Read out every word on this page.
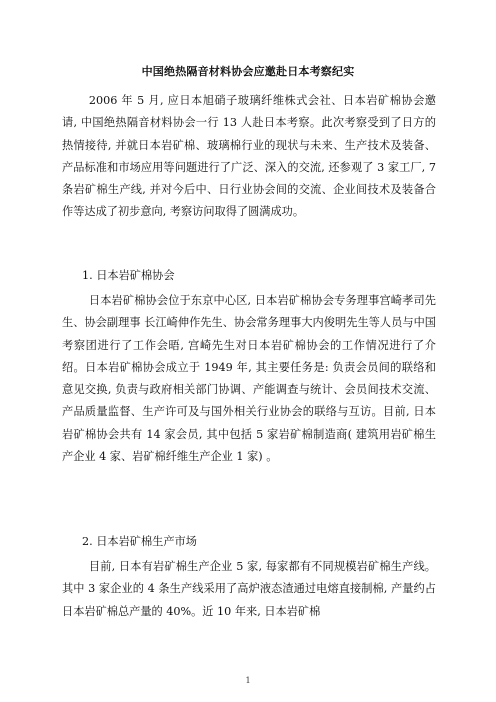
中国绝热隔音材料协会应邀赴日本考察纪实

2006 年 5 月, 应日本旭硝子玻璃纤维株式会社、日本岩矿棉协会邀请, 中国绝热隔音材料协会一行 13 人赴日本考察。此次考察受到了日方的热情接待, 并就日本岩矿棉、玻璃棉行业的现状与未来、生产技术及装备、产品标准和市场应用等问题进行了广泛、深入的交流, 还参观了 3 家工厂, 7 条岩矿棉生产线, 并对今后中、日行业协会间的交流、企业间技术及装备合作等达成了初步意向, 考察访问取得了圆满成功。

1. 日本岩矿棉协会

日本岩矿棉协会位于东京中心区, 日本岩矿棉协会专务理事宫崎孝司先生、协会副理事 长江崎伸作先生、协会常务理事大内俊明先生等人员与中国考察团进行了工作会晤, 宫崎先生对日本岩矿棉协会的工作情况进行了介绍。日本岩矿棉协会成立于 1949 年, 其主要任务是: 负责会员间的联络和意见交换, 负责与政府相关部门协调、产能调查与统计、会员间技术交流、产品质量监督、生产许可及与国外相关行业协会的联络与互访。目前, 日本岩矿棉协会共有 14 家会员, 其中包括 5 家岩矿棉制造商( 建筑用岩矿棉生产企业 4 家、岩矿棉纤维生产企业 1 家) 。

2. 日本岩矿棉生产市场

目前, 日本有岩矿棉生产企业 5 家, 每家都有不同规模岩矿棉生产线。其中 3 家企业的 4 条生产线采用了高炉液态渣通过电熔直接制棉, 产量约占日本岩矿棉总产量的 40%。近 10 年来, 日本岩矿棉

1
